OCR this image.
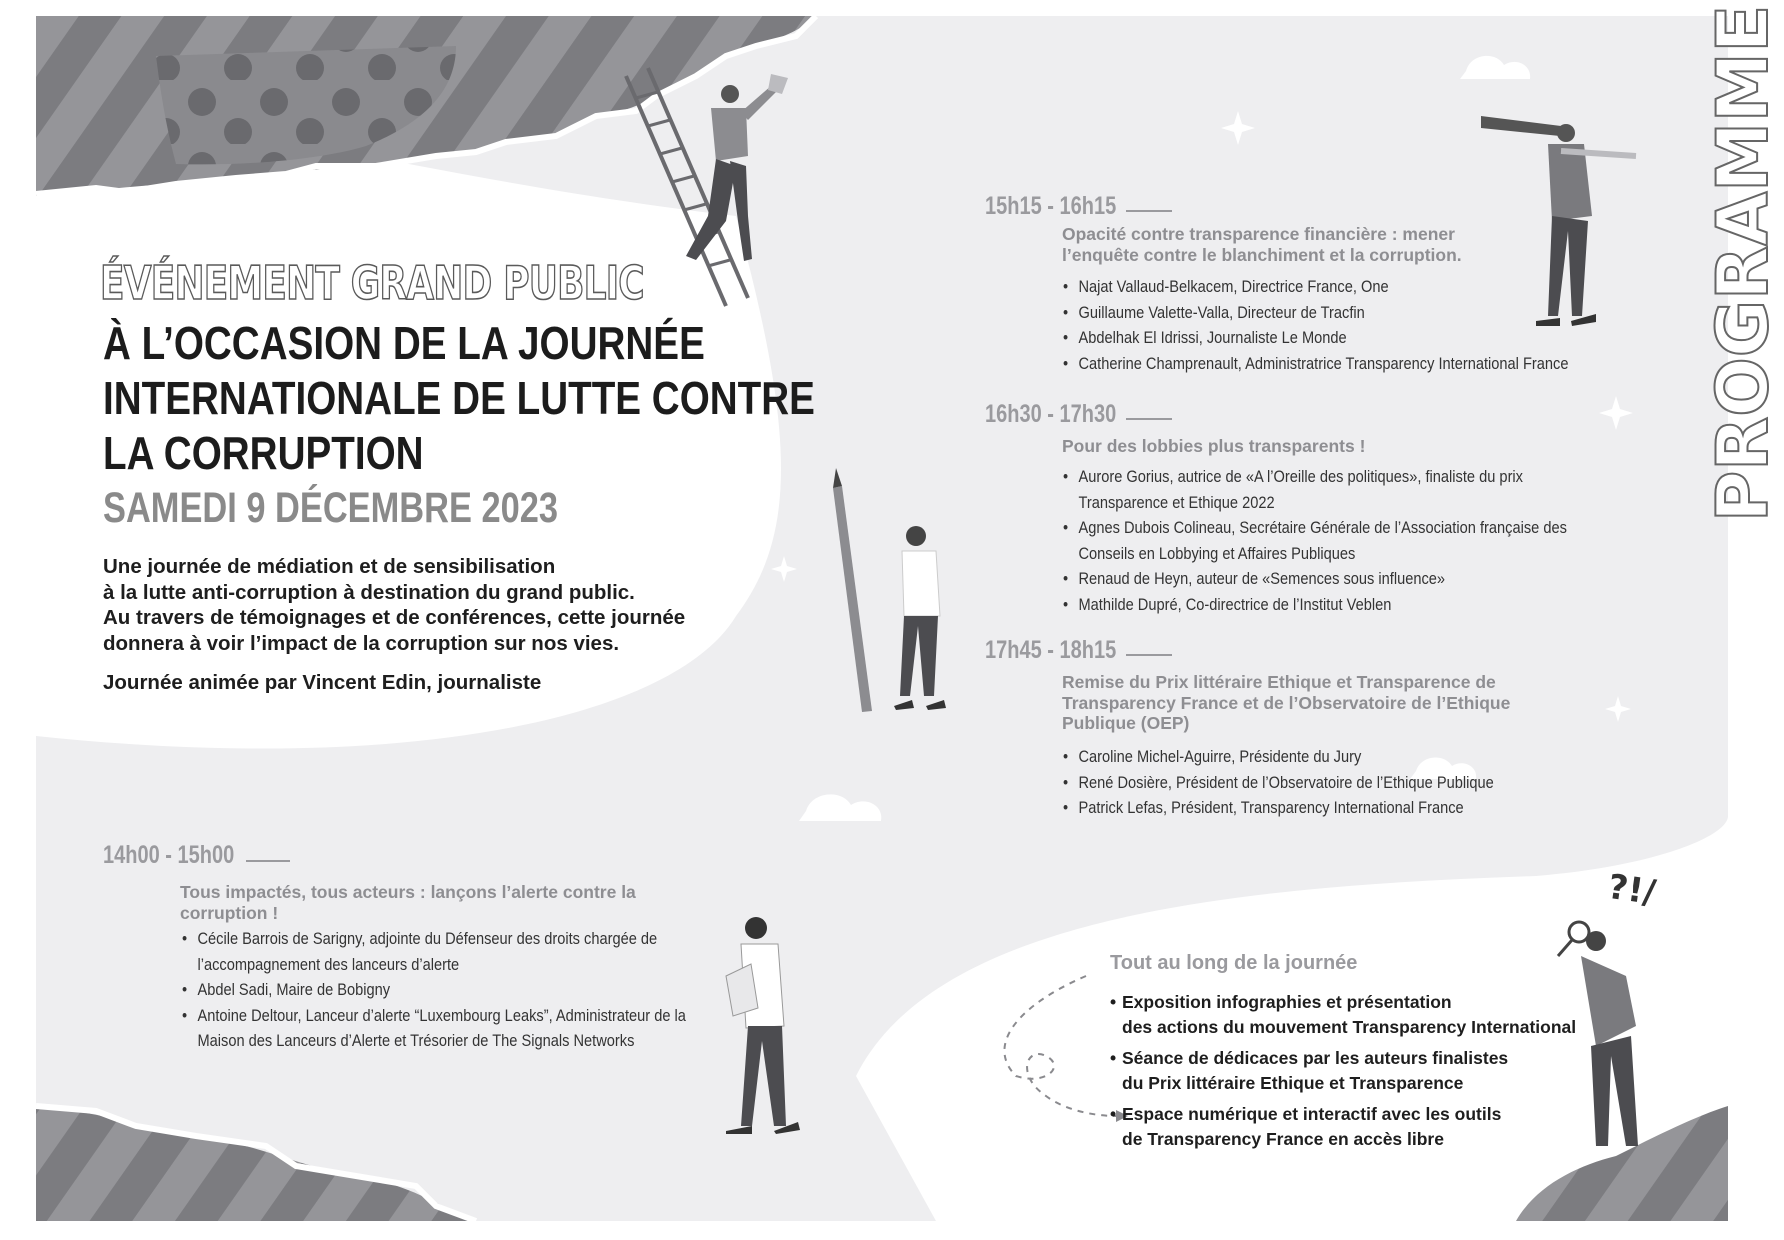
ÉVÉNEMENT GRAND PUBLIC
À L’OCCASION DE LA JOURNÉE
INTERNATIONALE DE LUTTE CONTRE
LA CORRUPTION
SAMEDI 9 DÉCEMBRE 2023
Une journée de médiation et de sensibilisation
à la lutte anti-corruption à destination du grand public.
Au travers de témoignages et de conférences, cette journée
donnera à voir l’impact de la corruption sur nos vies.
Journée animée par Vincent Edin, journaliste
14h00 - 15h00
Tous impactés, tous acteurs : lançons l’alerte contre la
corruption !
• Cécile Barrois de Sarigny, adjointe du Défenseur des droits chargée de
l’accompagnement des lanceurs d’alerte
• Abdel Sadi, Maire de Bobigny
• Antoine Deltour, Lanceur d’alerte “Luxembourg Leaks”, Administrateur de la
Maison des Lanceurs d’Alerte et Trésorier de The Signals Networks
15h15 - 16h15
Opacité contre transparence financière : mener
l’enquête contre le blanchiment et la corruption.
• Najat Vallaud-Belkacem, Directrice France, One
• Guillaume Valette-Valla, Directeur de Tracfin
• Abdelhak El Idrissi, Journaliste Le Monde
• Catherine Champrenault, Administratrice Transparency International France
16h30 - 17h30
Pour des lobbies plus transparents !
• Aurore Gorius, autrice de «A l’Oreille des politiques», finaliste du prix
Transparence et Ethique 2022
• Agnes Dubois Colineau, Secrétaire Générale de l’Association française des
Conseils en Lobbying et Affaires Publiques
• Renaud de Heyn, auteur de «Semences sous influence»
• Mathilde Dupré, Co-directrice de l’Institut Veblen
17h45 - 18h15
Remise du Prix littéraire Ethique et Transparence de
Transparency France et de l’Observatoire de l’Ethique
Publique (OEP)
• Caroline Michel-Aguirre, Présidente du Jury
• René Dosière, Président de l’Observatoire de l’Ethique Publique
• Patrick Lefas, Président, Transparency International France
PROGRAMME
Tout au long de la journée
• Exposition infographies et présentation
des actions du mouvement Transparency International
• Séance de dédicaces par les auteurs finalistes
du Prix littéraire Ethique et Transparence
• Espace numérique et interactif avec les outils
de Transparency France en accès libre
?!/
